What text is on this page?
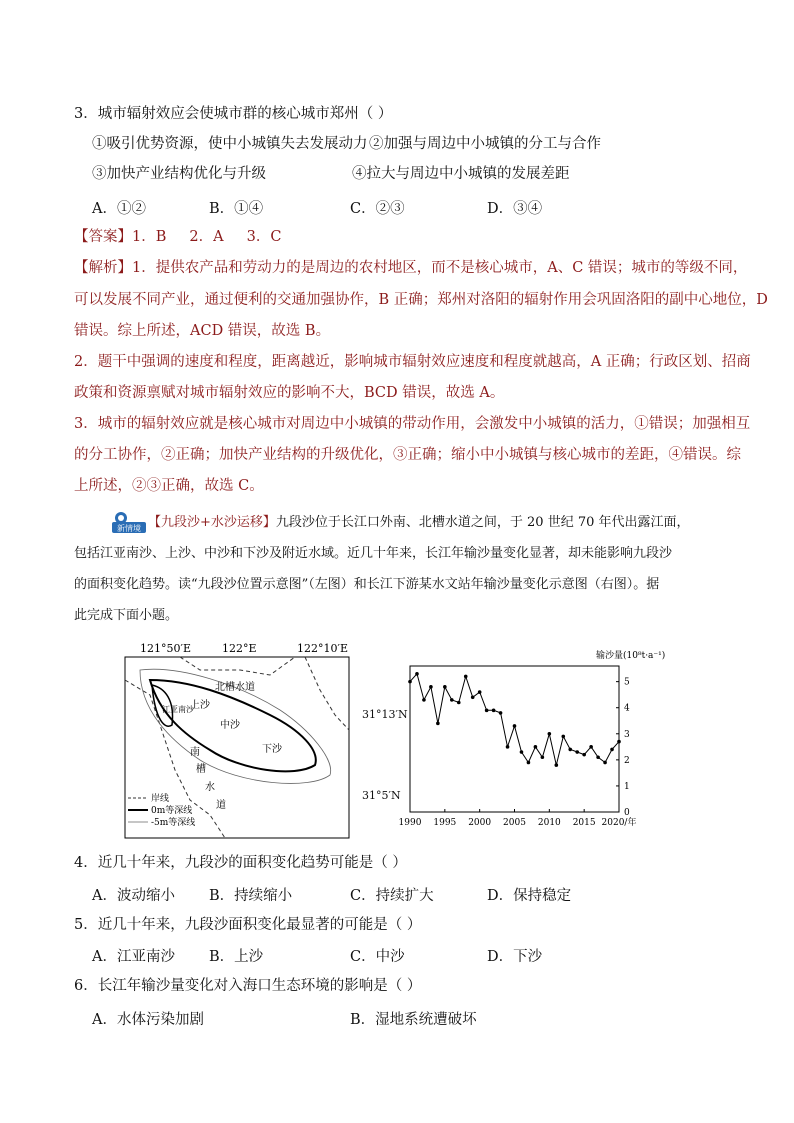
3．城市辐射效应会使城市群的核心城市郑州（ ）
①吸引优势资源，使中小城镇失去发展动力 ②加强与周边中小城镇的分工与合作
③加快产业结构优化与升级	④拉大与周边中小城镇的发展差距
A．①②	B．①④	C．②③	D．③④
【答案】1．B     2．A     3．C
【解析】1．提供农产品和劳动力的是周边的农村地区，而不是核心城市，A、C 错误；城市的等级不同，
可以发展不同产业，通过便利的交通加强协作，B 正确；郑州对洛阳的辐射作用会巩固洛阳的副中心地位，D
错误。综上所述，ACD 错误，故选 B。
2．题干中强调的速度和程度，距离越近，影响城市辐射效应速度和程度就越高，A 正确；行政区划、招商
政策和资源禀赋对城市辐射效应的影响不大，BCD 错误，故选 A。
3．城市的辐射效应就是核心城市对周边中小城镇的带动作用，会激发中小城镇的活力，①错误；加强相互
的分工协作，②正确；加快产业结构的升级优化，③正确；缩小中小城镇与核心城市的差距，④错误。综
上所述，②③正确，故选 C。
新情境 【九段沙+水沙运移】九段沙位于长江口外南、北槽水道之间，于 20 世纪 70 年代出露江面，
包括江亚南沙、上沙、中沙和下沙及附近水域。近几十年来，长江年输沙量变化显著，却未能影响九段沙
的面积变化趋势。读“九段沙位置示意图”（左图）和长江下游某水文站年输沙量变化示意图（右图）。据
此完成下面小题。
121°50′E	122°E	122°10′E
北槽水道
上沙
江亚南沙
中沙
下沙
南
槽
水
道
岸线
0m等深线
-5m等深线
31°13′N
31°5′N
输沙量(10⁸t·a⁻¹)
1990 1995 2000 2005 2010 2015 2020/年
0
1
2
3
4
5
4．近几十年来，九段沙的面积变化趋势可能是（ ）
A．波动缩小 B．持续缩小	C．持续扩大	D．保持稳定
5．近几十年来，九段沙面积变化最显著的可能是（ ）
A．江亚南沙 B．上沙	C．中沙	D．下沙
6．长江年输沙量变化对入海口生态环境的影响是（ ）
A．水体污染加剧	B．湿地系统遭破坏
